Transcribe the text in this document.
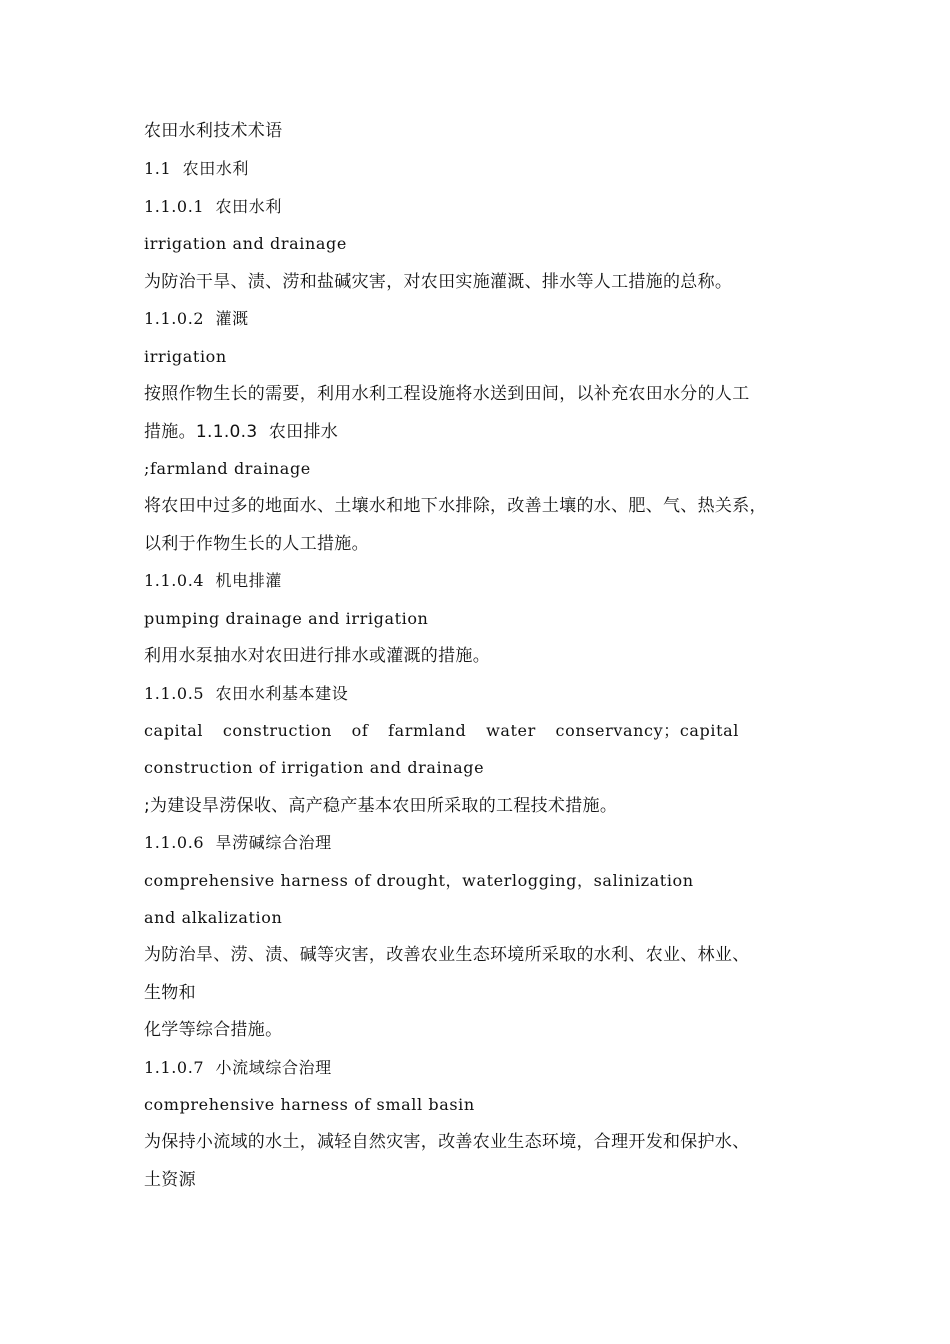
农田水利技术术语
1.1  农田水利
1.1.0.1  农田水利
irrigation and drainage
为防治干旱、渍、涝和盐碱灾害，对农田实施灌溉、排水等人工措施的总称。
1.1.0.2  灌溉
irrigation
按照作物生长的需要，利用水利工程设施将水送到田间，以补充农田水分的人工
措施。1.1.0.3  农田排水
;farmland drainage
将农田中过多的地面水、土壤水和地下水排除，改善土壤的水、肥、气、热关系，
以利于作物生长的人工措施。
1.1.0.4  机电排灌
pumping drainage and irrigation
利用水泵抽水对农田进行排水或灌溉的措施。
1.1.0.5  农田水利基本建设
capital construction of farmland water conservancy；capital
construction of irrigation and drainage
;为建设旱涝保收、高产稳产基本农田所采取的工程技术措施。
1.1.0.6  旱涝碱综合治理
comprehensive harness of drought，waterlogging，salinization
and alkalization
为防治旱、涝、渍、碱等灾害，改善农业生态环境所采取的水利、农业、林业、
生物和
化学等综合措施。
1.1.0.7  小流域综合治理
comprehensive harness of small basin
为保持小流域的水土，减轻自然灾害，改善农业生态环境，合理开发和保护水、
土资源
